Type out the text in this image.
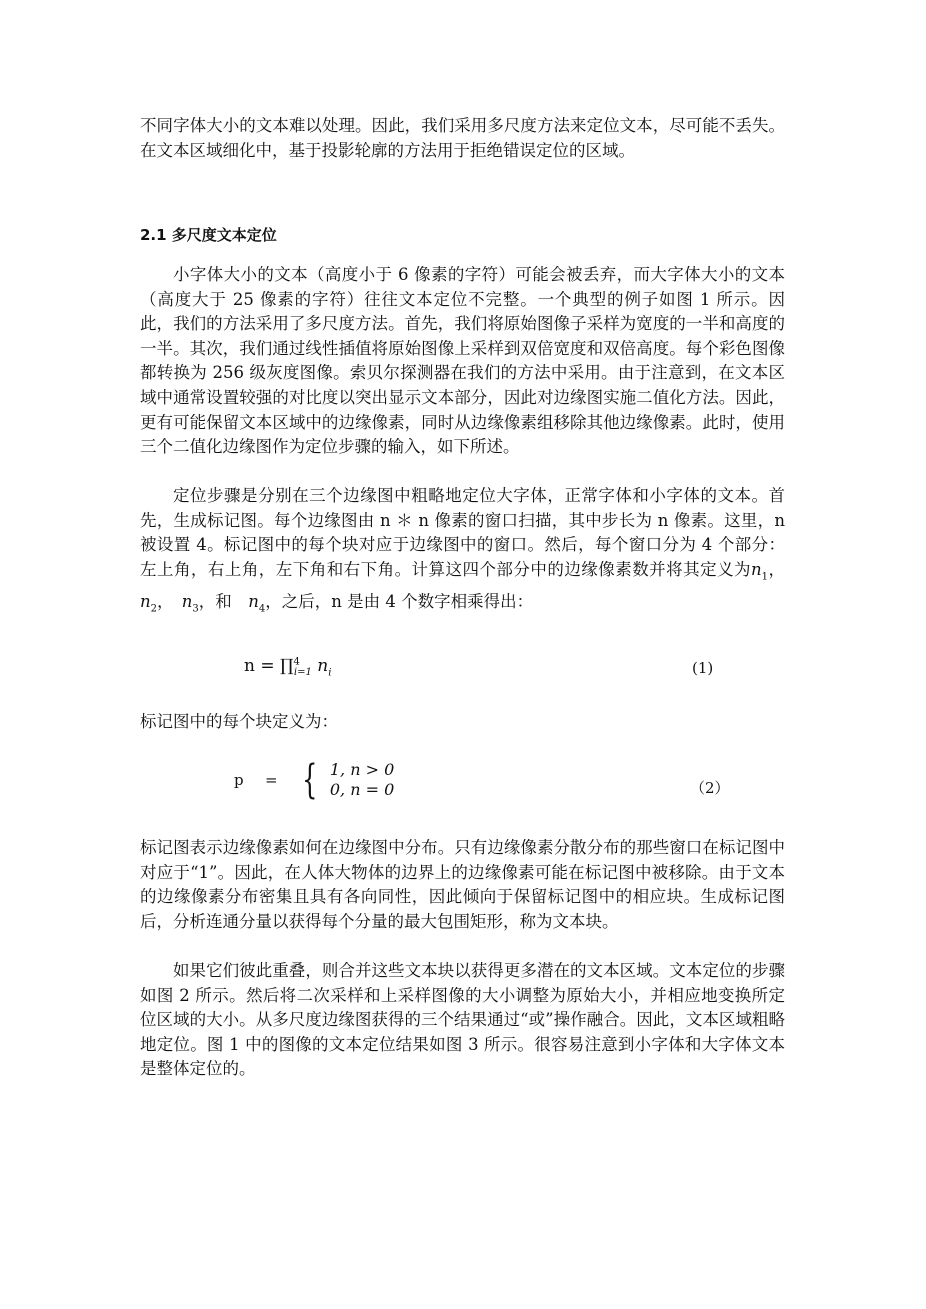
不同字体大小的文本难以处理。因此，我们采用多尺度方法来定位文本，尽可能不丢失。在文本区域细化中，基于投影轮廓的方法用于拒绝错误定位的区域。

2.1 多尺度文本定位

小字体大小的文本（高度小于 6 像素的字符）可能会被丢弃，而大字体大小的文本（高度大于 25 像素的字符）往往文本定位不完整。一个典型的例子如图 1 所示。因此，我们的方法采用了多尺度方法。首先，我们将原始图像子采样为宽度的一半和高度的一半。其次，我们通过线性插值将原始图像上采样到双倍宽度和双倍高度。每个彩色图像都转换为 256 级灰度图像。索贝尔探测器在我们的方法中采用。由于注意到，在文本区域中通常设置较强的对比度以突出显示文本部分，因此对边缘图实施二值化方法。因此，更有可能保留文本区域中的边缘像素，同时从边缘像素组移除其他边缘像素。此时，使用三个二值化边缘图作为定位步骤的输入，如下所述。

定位步骤是分别在三个边缘图中粗略地定位大字体，正常字体和小字体的文本。首先，生成标记图。每个边缘图由 n ＊ n 像素的窗口扫描，其中步长为 n 像素。这里，n 被设置 4。标记图中的每个块对应于边缘图中的窗口。然后，每个窗口分为 4 个部分：左上角，右上角，左下角和右下角。计算这四个部分中的边缘像素数并将其定义为$n_1$，$n_2$，　 $n_3$，和　 $n_4$，之后，n 是由 4 个数字相乘得出：

n = ∏$^4_{i=1}$ $n_i$	(1)

标记图中的每个块定义为：

p = { 1, n > 0
0, n = 0	（2）

标记图表示边缘像素如何在边缘图中分布。只有边缘像素分散分布的那些窗口在标记图中对应于“1”。因此，在人体大物体的边界上的边缘像素可能在标记图中被移除。由于文本的边缘像素分布密集且具有各向同性，因此倾向于保留标记图中的相应块。生成标记图后，分析连通分量以获得每个分量的最大包围矩形，称为文本块。

如果它们彼此重叠，则合并这些文本块以获得更多潜在的文本区域。文本定位的步骤如图 2 所示。然后将二次采样和上采样图像的大小调整为原始大小，并相应地变换所定位区域的大小。从多尺度边缘图获得的三个结果通过“或”操作融合。因此，文本区域粗略地定位。图 1 中的图像的文本定位结果如图 3 所示。很容易注意到小字体和大字体文本是整体定位的。
